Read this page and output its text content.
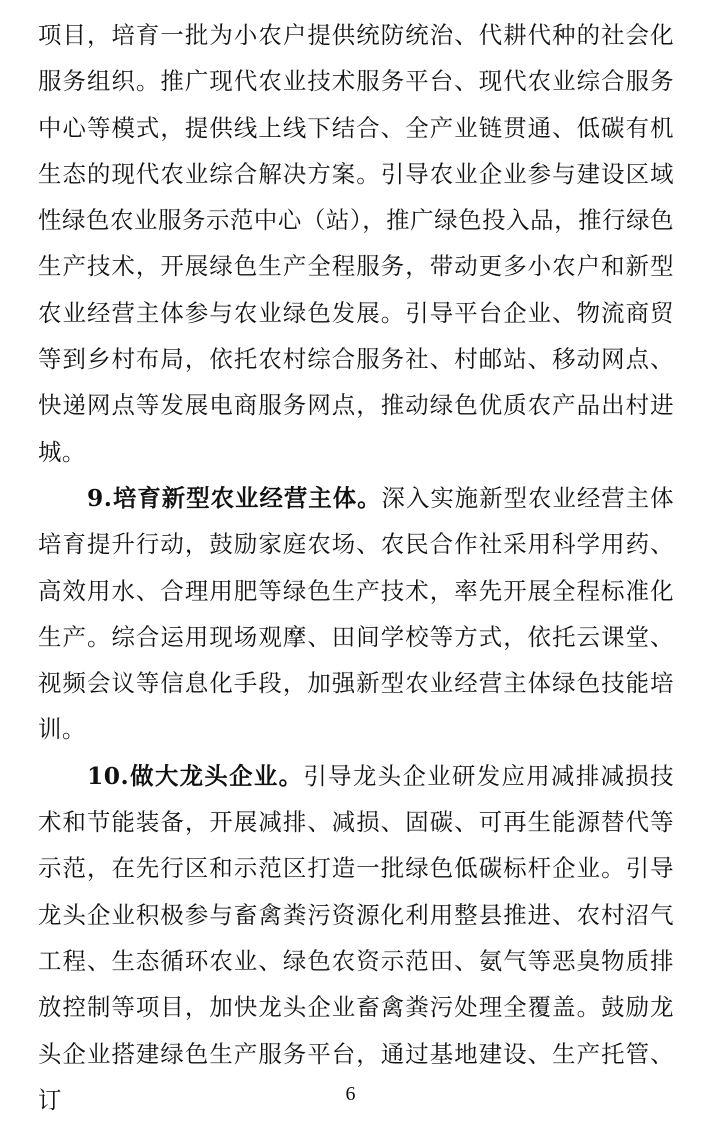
项目，培育一批为小农户提供统防统治、代耕代种的社会化服务组织。推广现代农业技术服务平台、现代农业综合服务中心等模式，提供线上线下结合、全产业链贯通、低碳有机生态的现代农业综合解决方案。引导农业企业参与建设区域性绿色农业服务示范中心（站），推广绿色投入品，推行绿色生产技术，开展绿色生产全程服务，带动更多小农户和新型农业经营主体参与农业绿色发展。引导平台企业、物流商贸等到乡村布局，依托农村综合服务社、村邮站、移动网点、快递网点等发展电商服务网点，推动绿色优质农产品出村进城。

9.培育新型农业经营主体。深入实施新型农业经营主体培育提升行动，鼓励家庭农场、农民合作社采用科学用药、高效用水、合理用肥等绿色生产技术，率先开展全程标准化生产。综合运用现场观摩、田间学校等方式，依托云课堂、视频会议等信息化手段，加强新型农业经营主体绿色技能培训。

10.做大龙头企业。引导龙头企业研发应用减排减损技术和节能装备，开展减排、减损、固碳、可再生能源替代等示范，在先行区和示范区打造一批绿色低碳标杆企业。引导龙头企业积极参与畜禽粪污资源化利用整县推进、农村沼气工程、生态循环农业、绿色农资示范田、氨气等恶臭物质排放控制等项目，加快龙头企业畜禽粪污处理全覆盖。鼓励龙头企业搭建绿色生产服务平台，通过基地建设、生产托管、订	6
